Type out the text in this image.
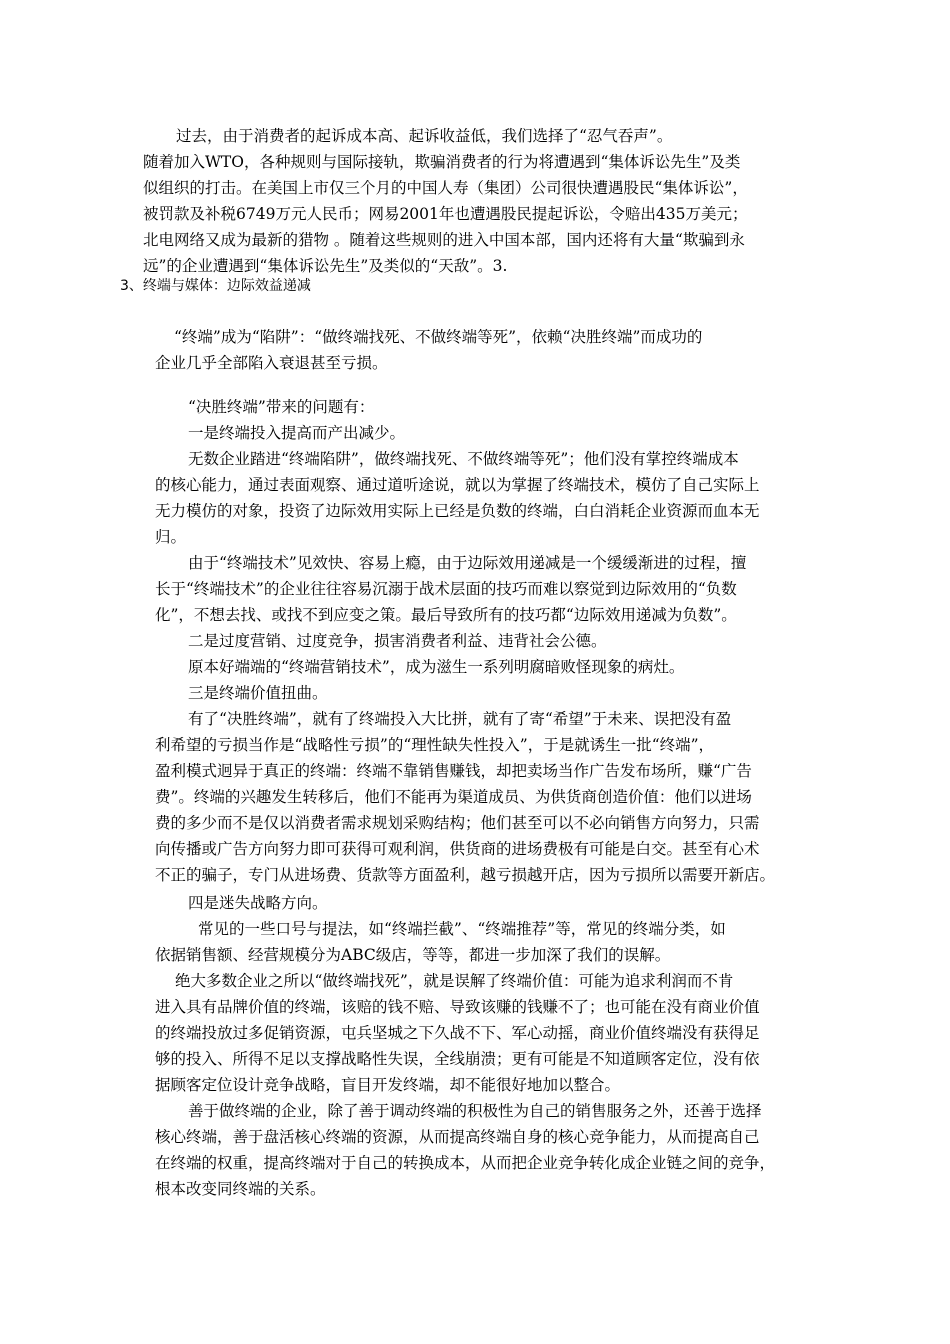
过去，由于消费者的起诉成本高、起诉收益低，我们选择了“忍气吞声”。

随着加入WTO，各种规则与国际接轨，欺骗消费者的行为将遭遇到“集体诉讼先生”及类

似组织的打击。在美国上市仅三个月的中国人寿（集团）公司很快遭遇股民“集体诉讼”，

被罚款及补税6749万元人民币；网易2001年也遭遇股民提起诉讼，令赔出435万美元；

北电网络又成为最新的猎物 。随着这些规则的进入中国本部，国内还将有大量“欺骗到永

远”的企业遭遇到“集体诉讼先生”及类似的“天敌”。3.

3、终端与媒体：边际效益递减

“终端”成为“陷阱”：“做终端找死、不做终端等死”，依赖“决胜终端”而成功的

企业几乎全部陷入衰退甚至亏损。

“决胜终端”带来的问题有：

一是终端投入提高而产出减少。

无数企业踏进“终端陷阱”，做终端找死、不做终端等死”；他们没有掌控终端成本

的核心能力，通过表面观察、通过道听途说，就以为掌握了终端技术，模仿了自己实际上

无力模仿的对象，投资了边际效用实际上已经是负数的终端，白白消耗企业资源而血本无

归。

由于“终端技术”见效快、容易上瘾，由于边际效用递减是一个缓缓渐进的过程，擅

长于“终端技术”的企业往往容易沉溺于战术层面的技巧而难以察觉到边际效用的“负数

化”，不想去找、或找不到应变之策。最后导致所有的技巧都“边际效用递减为负数”。

二是过度营销、过度竞争，损害消费者利益、违背社会公德。

原本好端端的“终端营销技术”，成为滋生一系列明腐暗败怪现象的病灶。

三是终端价值扭曲。

有了“决胜终端”，就有了终端投入大比拼，就有了寄“希望”于未来、误把没有盈

利希望的亏损当作是“战略性亏损”的“理性缺失性投入”，于是就诱生一批“终端”，

盈利模式迥异于真正的终端：终端不靠销售赚钱，却把卖场当作广告发布场所，赚“广告

费”。终端的兴趣发生转移后，他们不能再为渠道成员、为供货商创造价值：他们以进场

费的多少而不是仅以消费者需求规划采购结构；他们甚至可以不必向销售方向努力，只需

向传播或广告方向努力即可获得可观利润，供货商的进场费极有可能是白交。甚至有心术

不正的骗子，专门从进场费、货款等方面盈利，越亏损越开店，因为亏损所以需要开新店。

四是迷失战略方向。

常见的一些口号与提法，如“终端拦截”、“终端推荐”等，常见的终端分类，如

依据销售额、经营规模分为ABC级店，等等，都进一步加深了我们的误解。

绝大多数企业之所以“做终端找死”，就是误解了终端价值：可能为追求利润而不肯

进入具有品牌价值的终端，该赔的钱不赔、导致该赚的钱赚不了；也可能在没有商业价值

的终端投放过多促销资源，屯兵坚城之下久战不下、军心动摇，商业价值终端没有获得足

够的投入、所得不足以支撑战略性失误，全线崩溃；更有可能是不知道顾客定位，没有依

据顾客定位设计竞争战略，盲目开发终端，却不能很好地加以整合。

善于做终端的企业，除了善于调动终端的积极性为自己的销售服务之外，还善于选择

核心终端，善于盘活核心终端的资源，从而提高终端自身的核心竞争能力，从而提高自己

在终端的权重，提高终端对于自己的转换成本，从而把企业竞争转化成企业链之间的竞争，

根本改变同终端的关系。
